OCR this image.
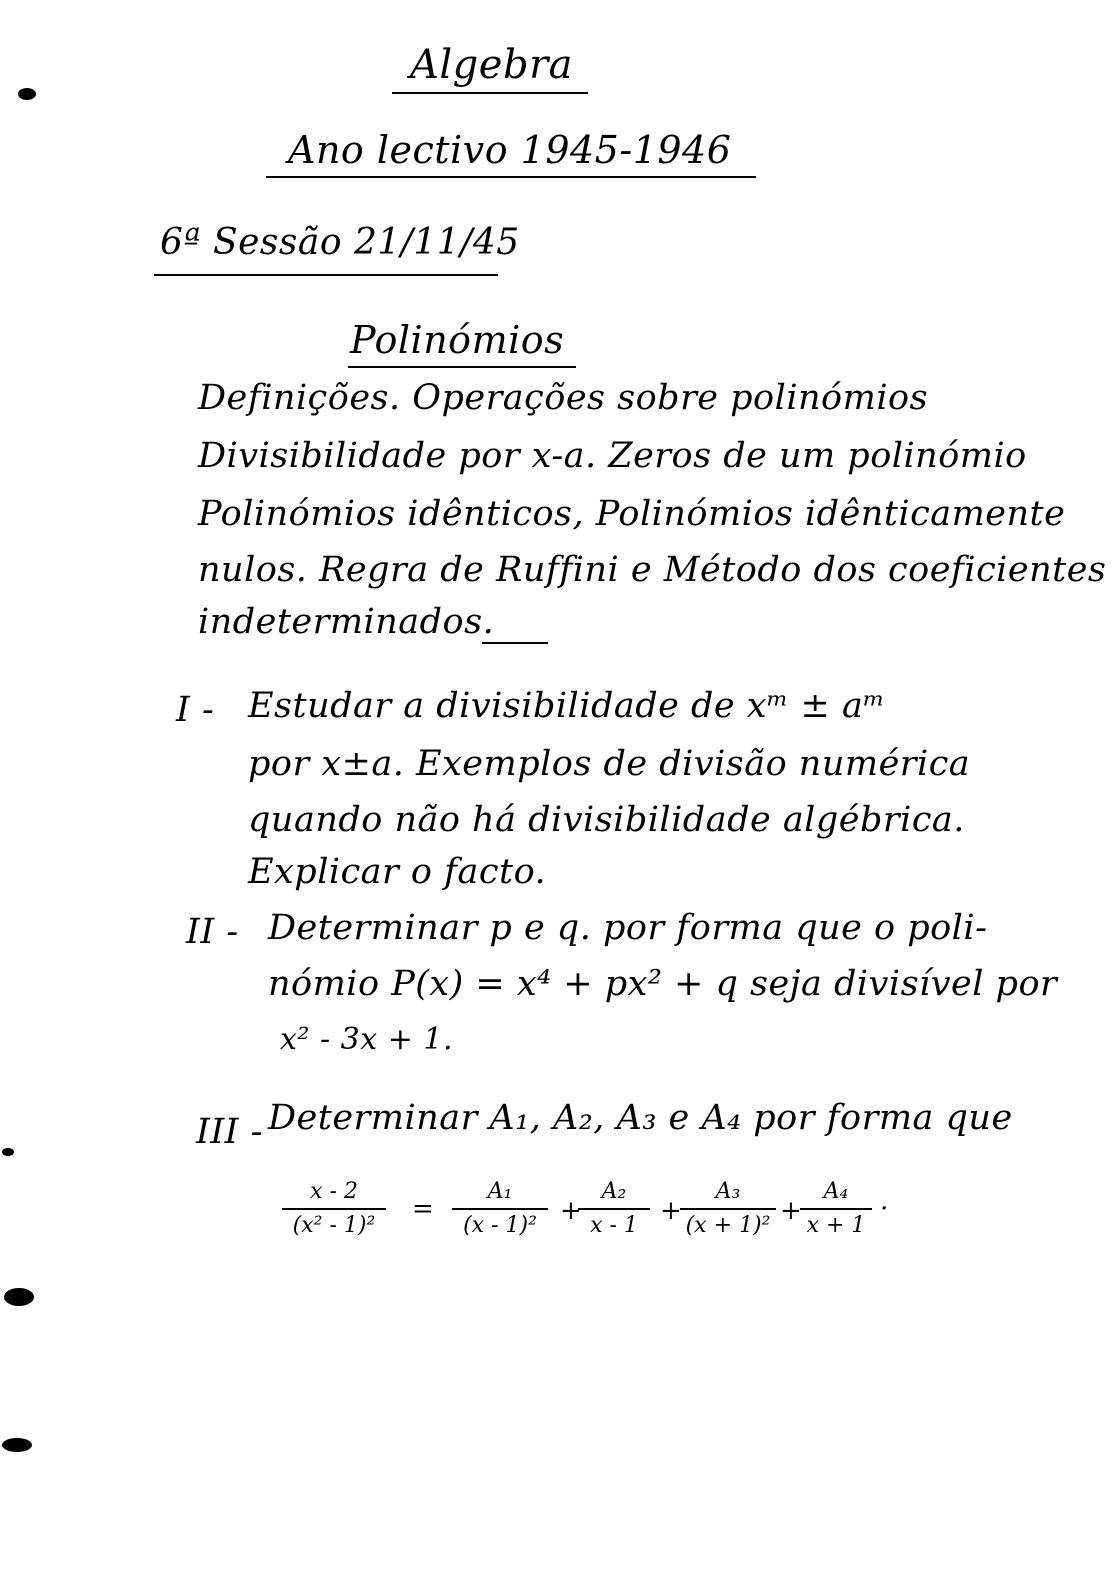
Algebra
Ano lectivo 1945-1946
6ª Sessão 21/11/45
Polinómios
Definições. Operações sobre polinómios
Divisibilidade por x-a. Zeros de um polinómio
Polinómios idênticos, Polinómios idênticamente
nulos. Regra de Ruffini e Método dos coeficientes
indeterminados.
I - Estudar a divisibilidade de xᵐ ± aᵐ
por x±a. Exemplos de divisão numérica
quando não há divisibilidade algébrica.
Explicar o facto.
II - Determinar p e q. por forma que o poli-
nómio P(x) = x⁴ + px² + q seja divisível por
x² - 3x + 1.
III - Determinar A₁, A₂, A₃ e A₄ por forma que
x - 2
(x² - 1)²
=
A₁
(x - 1)² +
A₂
x - 1 +
A₃
(x + 1)² +
A₄
x + 1
.
